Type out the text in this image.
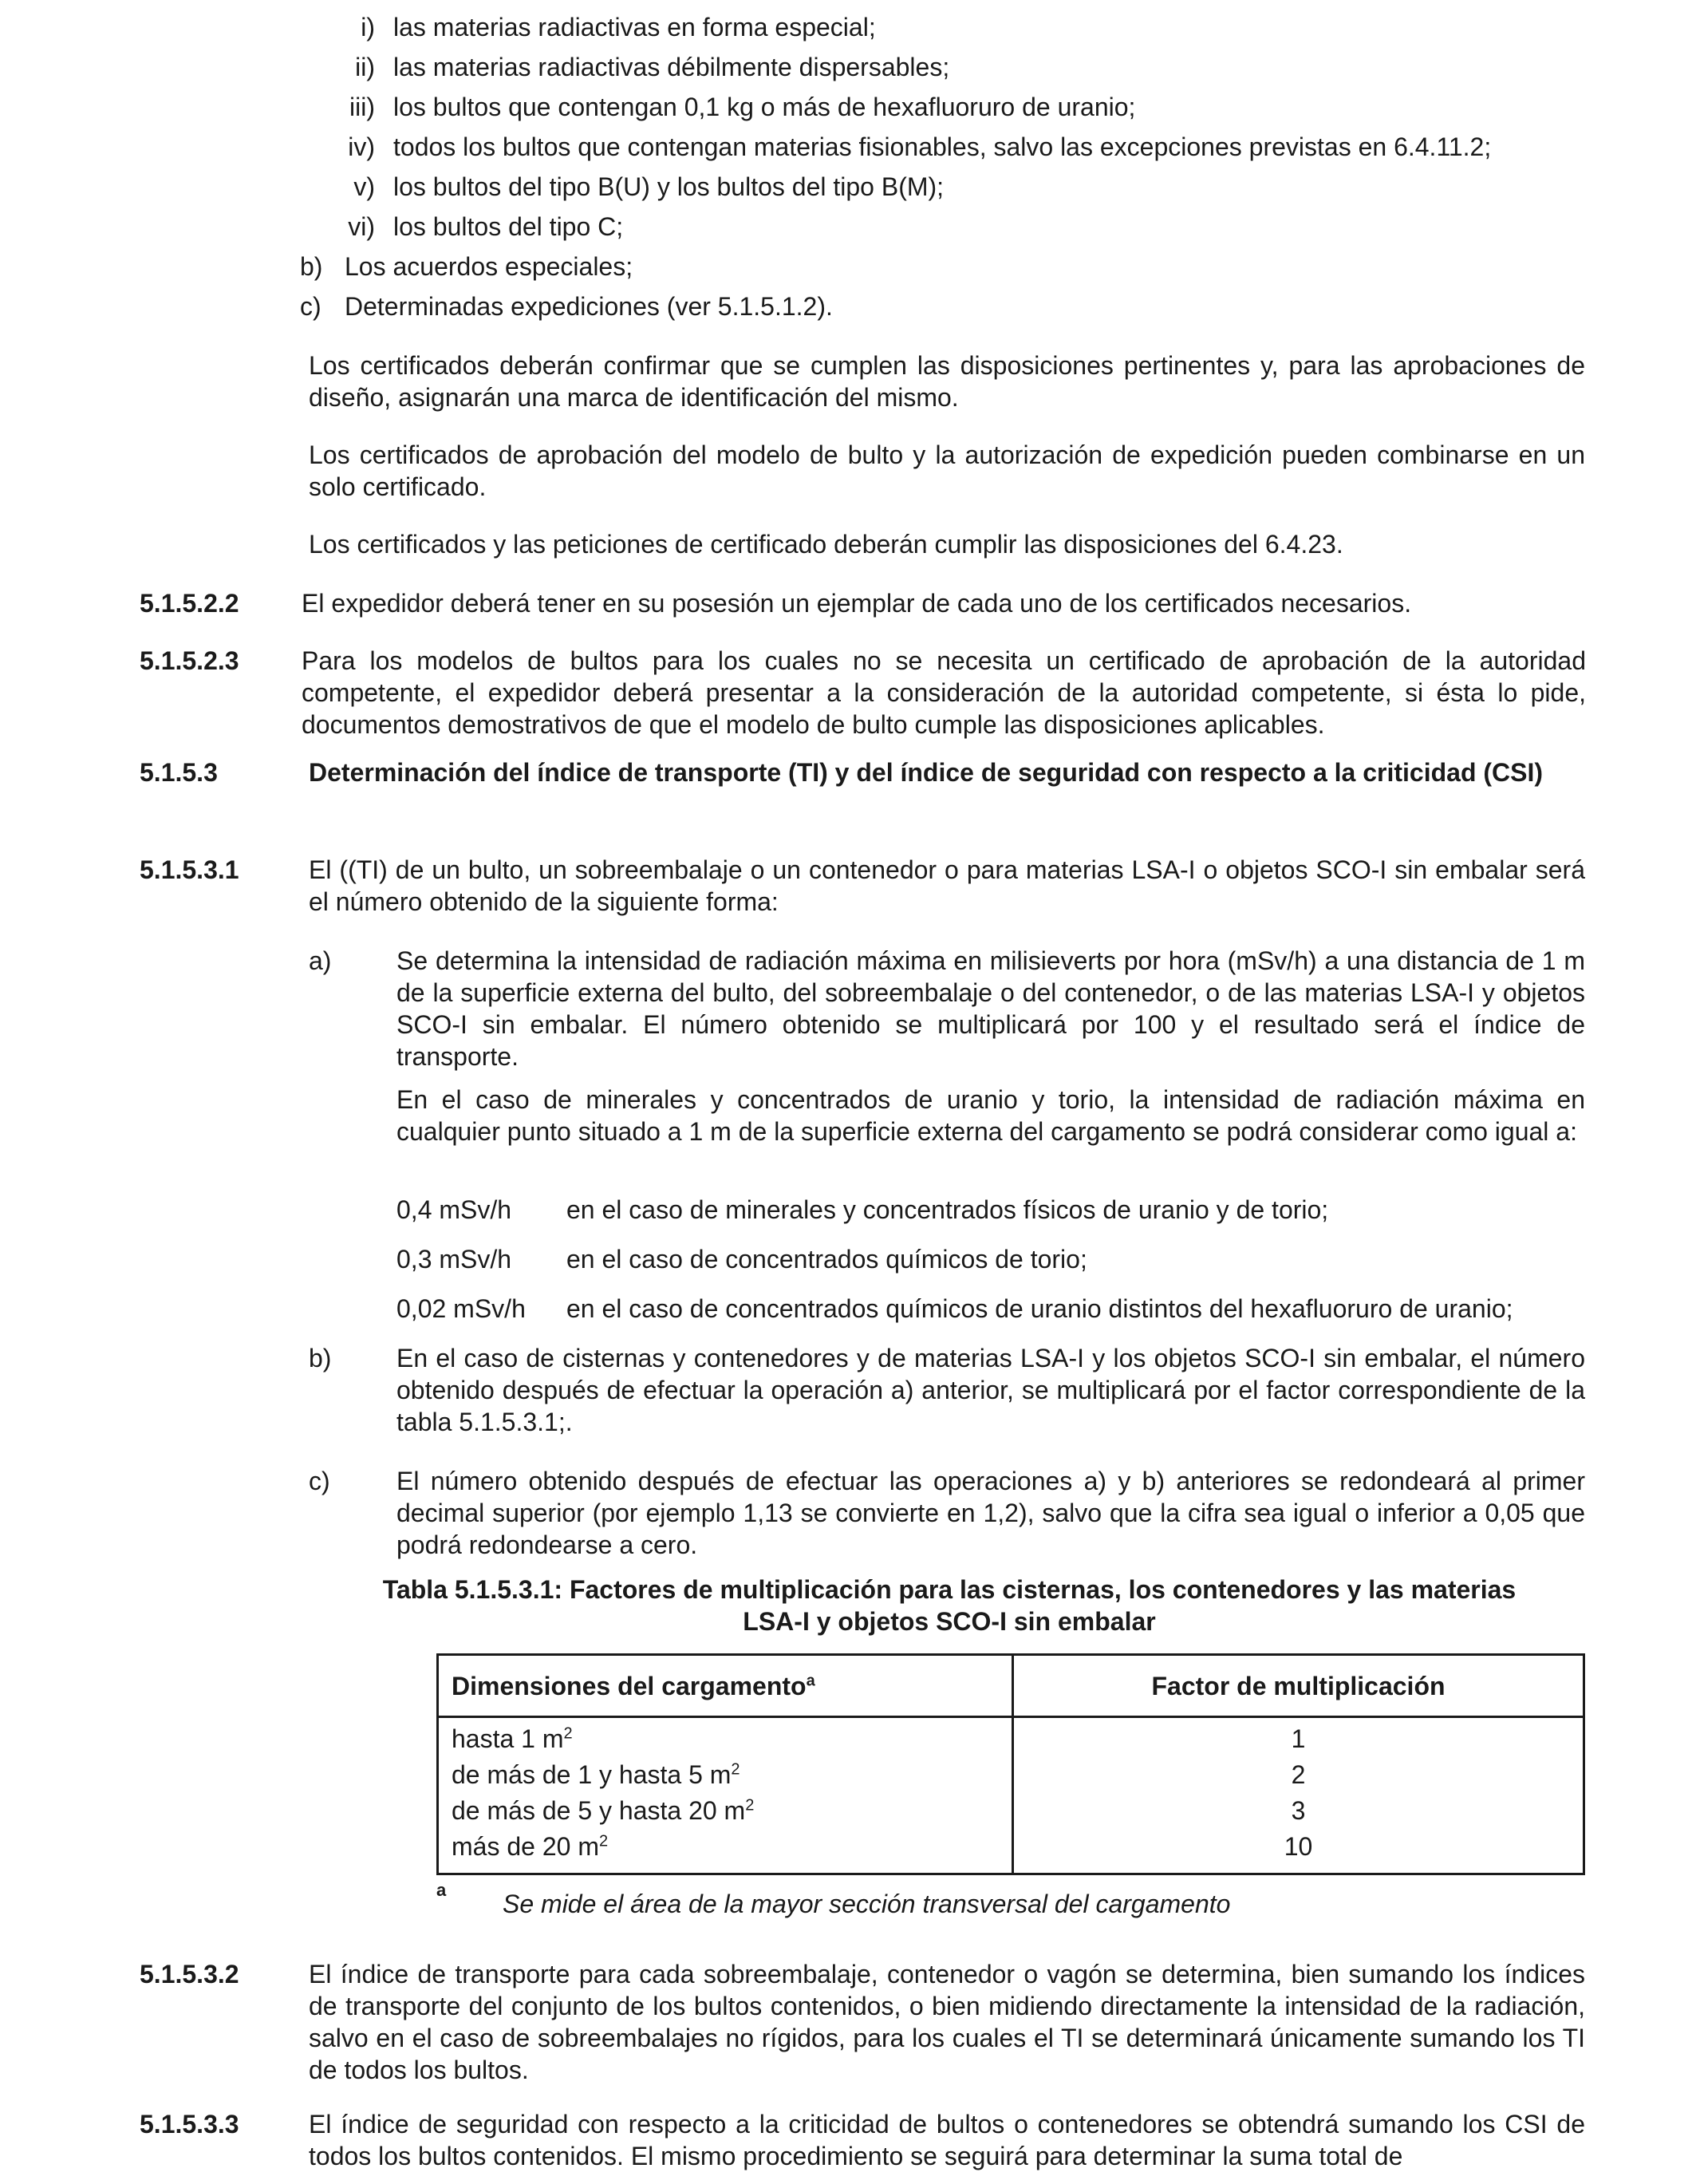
i) las materias radiactivas en forma especial;
ii) las materias radiactivas débilmente dispersables;
iii) los bultos que contengan 0,1 kg o más de hexafluoruro de uranio;
iv) todos los bultos que contengan materias fisionables, salvo las excepciones previstas en 6.4.11.2;
v) los bultos del tipo B(U) y los bultos del tipo B(M);
vi) los bultos del tipo C;
b) Los acuerdos especiales;
c) Determinadas expediciones (ver 5.1.5.1.2).

Los certificados deberán confirmar que se cumplen las disposiciones pertinentes y, para las aprobaciones de diseño, asignarán una marca de identificación del mismo.

Los certificados de aprobación del modelo de bulto y la autorización de expedición pueden combinarse en un solo certificado.

Los certificados y las peticiones de certificado deberán cumplir las disposiciones del 6.4.23.

5.1.5.2.2 El expedidor deberá tener en su posesión un ejemplar de cada uno de los certificados necesarios.

5.1.5.2.3 Para los modelos de bultos para los cuales no se necesita un certificado de aprobación de la autoridad competente, el expedidor deberá presentar a la consideración de la autoridad competente, si ésta lo pide, documentos demostrativos de que el modelo de bulto cumple las disposiciones aplicables.

5.1.5.3	Determinación del índice de transporte (TI) y del índice de seguridad con respecto a la criticidad (CSI)

5.1.5.3.1	El ((TI) de un bulto, un sobreembalaje o un contenedor o para materias LSA-I o objetos SCO-I sin embalar será el número obtenido de la siguiente forma:

a)	Se determina la intensidad de radiación máxima en milisieverts por hora (mSv/h) a una distancia de 1 m de la superficie externa del bulto, del sobreembalaje o del contenedor, o de las materias LSA-I y objetos SCO-I sin embalar. El número obtenido se multiplicará por 100 y el resultado será el índice de transporte.

En el caso de minerales y concentrados de uranio y torio, la intensidad de radiación máxima en cualquier punto situado a 1 m de la superficie externa del cargamento se podrá considerar como igual a:

0,4 mSv/h en el caso de minerales y concentrados físicos de uranio y de torio;
0,3 mSv/h en el caso de concentrados químicos de torio;
0,02 mSv/h en el caso de concentrados químicos de uranio distintos del hexafluoruro de uranio;
b)	En el caso de cisternas y contenedores y de materias LSA-I y los objetos SCO-I sin embalar, el número obtenido después de efectuar la operación a) anterior, se multiplicará por el factor correspondiente de la tabla 5.1.5.3.1;.

c)	El número obtenido después de efectuar las operaciones a) y b) anteriores se redondeará al primer decimal superior (por ejemplo 1,13 se convierte en 1,2), salvo que la cifra sea igual o inferior a 0,05 que podrá redondearse a cero.

Tabla 5.1.5.3.1: Factores de multiplicación para las cisternas, los contenedores y las materias
LSA-I y objetos SCO-I sin embalar
Dimensiones del cargamento$^a$	Factor de multiplicación
hasta 1 $m^2$	1
de más de 1 y hasta 5 $m^2$	2
de más de 5 y hasta 20 $m^2$	3
más de 20 $m^2$	10
a Se mide el área de la mayor sección transversal del cargamento
5.1.5.3.2	El índice de transporte para cada sobreembalaje, contenedor o vagón se determina, bien sumando los índices de transporte del conjunto de los bultos contenidos, o bien midiendo directamente la intensidad de la radiación, salvo en el caso de sobreembalajes no rígidos, para los cuales el TI se determinará únicamente sumando los TI de todos los bultos.

5.1.5.3.3	El índice de seguridad con respecto a la criticidad de bultos o contenedores se obtendrá sumando los CSI de todos los bultos contenidos. El mismo procedimiento se seguirá para determinar la suma total de
